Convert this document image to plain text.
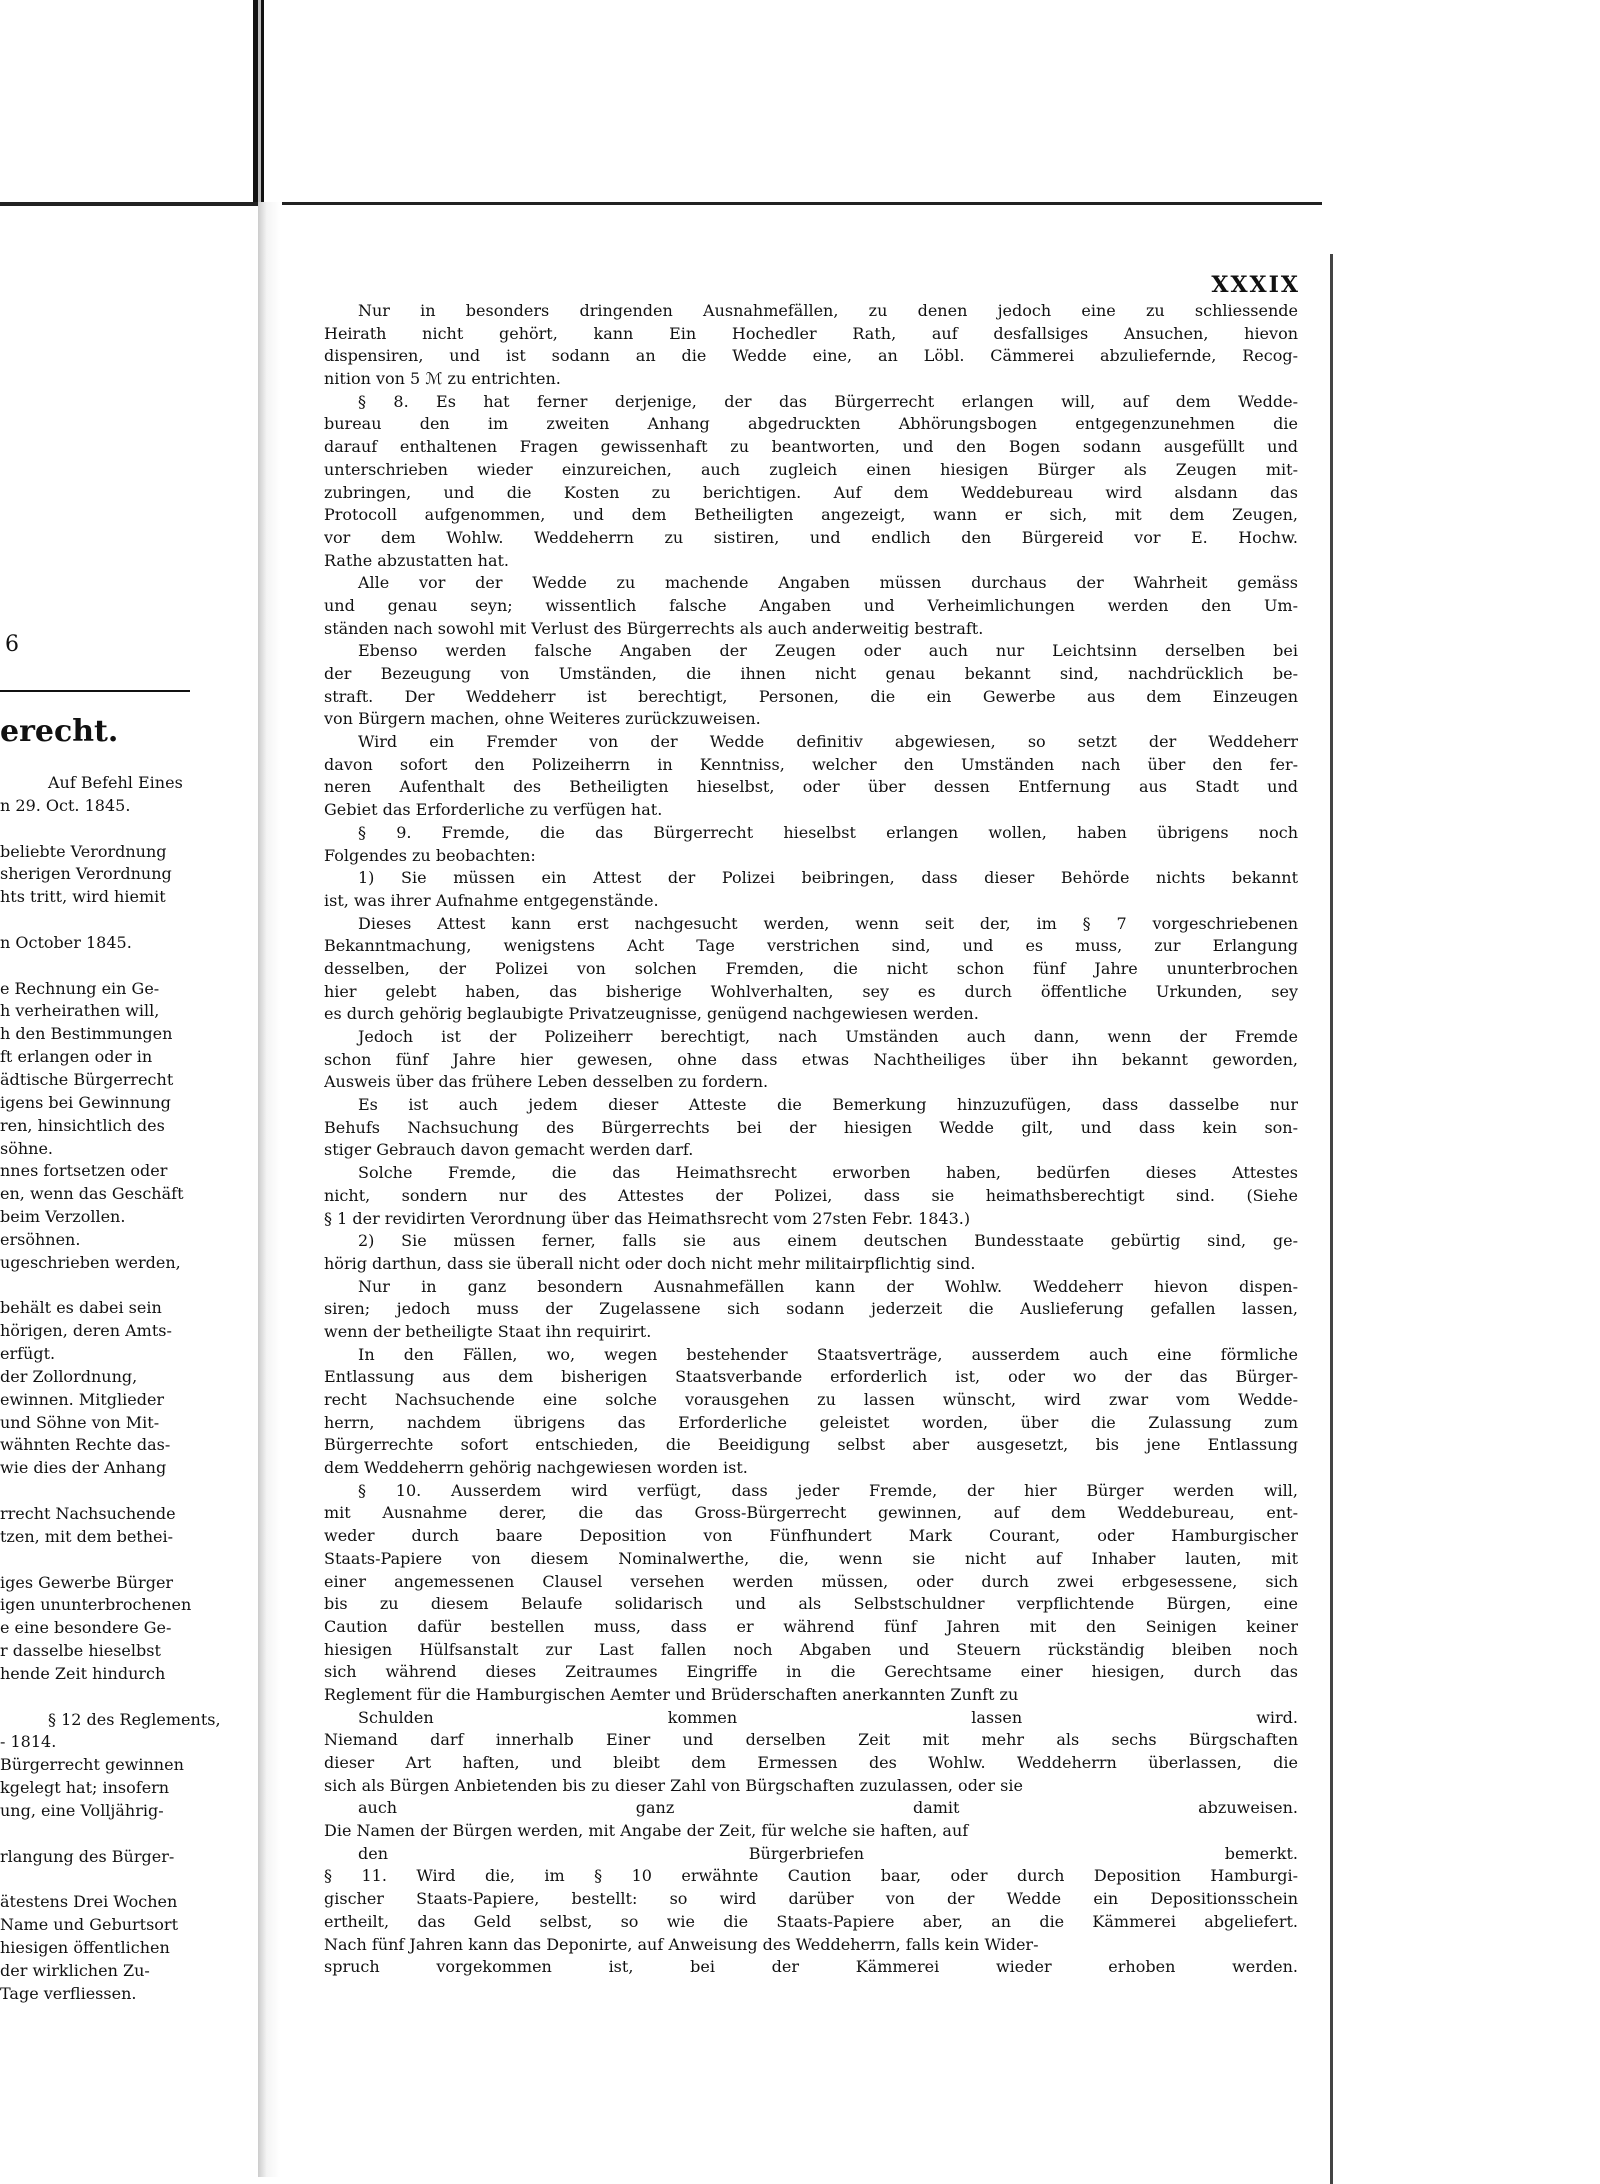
6
erecht.
Auf Befehl Eines
n 29. Oct. 1845.
beliebte Verordnung
sherigen Verordnung
hts tritt, wird hiemit
n October 1845.
e Rechnung ein Ge-
h verheirathen will,
h den Bestimmungen
ft erlangen oder in
ädtische Bürgerrecht
igens bei Gewinnung
ren, hinsichtlich des
söhne.
nnes fortsetzen oder
en, wenn das Geschäft
beim Verzollen.
ersöhnen.
ugeschrieben werden,
behält es dabei sein
hörigen, deren Amts-
erfügt.
der Zollordnung,
ewinnen. Mitglieder
und Söhne von Mit-
wähnten Rechte das-
wie dies der Anhang
rrecht Nachsuchende
tzen, mit dem bethei-
iges Gewerbe Bürger
igen ununterbrochenen
e eine besondere Ge-
r dasselbe hieselbst
hende Zeit hindurch
§ 12 des Reglements,
- 1814.
Bürgerrecht gewinnen
kgelegt hat; insofern
ung, eine Volljährig-
rlangung des Bürger-
ätestens Drei Wochen
Name und Geburtsort
hiesigen öffentlichen
der wirklichen Zu-
Tage verfliessen.
XXXIX
Nur in besonders dringenden Ausnahmefällen, zu denen jedoch eine zu schliessende
Heirath nicht gehört, kann Ein Hochedler Rath, auf desfallsiges Ansuchen, hievon
dispensiren, und ist sodann an die Wedde eine, an Löbl. Cämmerei abzuliefernde, Recog-
nition von 5 ℳ zu entrichten.
§ 8. Es hat ferner derjenige, der das Bürgerrecht erlangen will, auf dem Wedde-
bureau den im zweiten Anhang abgedruckten Abhörungsbogen entgegenzunehmen die
darauf enthaltenen Fragen gewissenhaft zu beantworten, und den Bogen sodann ausgefüllt und
unterschrieben wieder einzureichen, auch zugleich einen hiesigen Bürger als Zeugen mit-
zubringen, und die Kosten zu berichtigen. Auf dem Weddebureau wird alsdann das
Protocoll aufgenommen, und dem Betheiligten angezeigt, wann er sich, mit dem Zeugen,
vor dem Wohlw. Weddeherrn zu sistiren, und endlich den Bürgereid vor E. Hochw.
Rathe abzustatten hat.
Alle vor der Wedde zu machende Angaben müssen durchaus der Wahrheit gemäss
und genau seyn; wissentlich falsche Angaben und Verheimlichungen werden den Um-
ständen nach sowohl mit Verlust des Bürgerrechts als auch anderweitig bestraft.
Ebenso werden falsche Angaben der Zeugen oder auch nur Leichtsinn derselben bei
der Bezeugung von Umständen, die ihnen nicht genau bekannt sind, nachdrücklich be-
straft. Der Weddeherr ist berechtigt, Personen, die ein Gewerbe aus dem Einzeugen
von Bürgern machen, ohne Weiteres zurückzuweisen.
Wird ein Fremder von der Wedde definitiv abgewiesen, so setzt der Weddeherr
davon sofort den Polizeiherrn in Kenntniss, welcher den Umständen nach über den fer-
neren Aufenthalt des Betheiligten hieselbst, oder über dessen Entfernung aus Stadt und
Gebiet das Erforderliche zu verfügen hat.
§ 9. Fremde, die das Bürgerrecht hieselbst erlangen wollen, haben übrigens noch
Folgendes zu beobachten:
1) Sie müssen ein Attest der Polizei beibringen, dass dieser Behörde nichts bekannt
ist, was ihrer Aufnahme entgegenstände.
Dieses Attest kann erst nachgesucht werden, wenn seit der, im § 7 vorgeschriebenen
Bekanntmachung, wenigstens Acht Tage verstrichen sind, und es muss, zur Erlangung
desselben, der Polizei von solchen Fremden, die nicht schon fünf Jahre ununterbrochen
hier gelebt haben, das bisherige Wohlverhalten, sey es durch öffentliche Urkunden, sey
es durch gehörig beglaubigte Privatzeugnisse, genügend nachgewiesen werden.
Jedoch ist der Polizeiherr berechtigt, nach Umständen auch dann, wenn der Fremde
schon fünf Jahre hier gewesen, ohne dass etwas Nachtheiliges über ihn bekannt geworden,
Ausweis über das frühere Leben desselben zu fordern.
Es ist auch jedem dieser Atteste die Bemerkung hinzuzufügen, dass dasselbe nur
Behufs Nachsuchung des Bürgerrechts bei der hiesigen Wedde gilt, und dass kein son-
stiger Gebrauch davon gemacht werden darf.
Solche Fremde, die das Heimathsrecht erworben haben, bedürfen dieses Attestes
nicht, sondern nur des Attestes der Polizei, dass sie heimathsberechtigt sind. (Siehe
§ 1 der revidirten Verordnung über das Heimathsrecht vom 27sten Febr. 1843.)
2) Sie müssen ferner, falls sie aus einem deutschen Bundesstaate gebürtig sind, ge-
hörig darthun, dass sie überall nicht oder doch nicht mehr militairpflichtig sind.
Nur in ganz besondern Ausnahmefällen kann der Wohlw. Weddeherr hievon dispen-
siren; jedoch muss der Zugelassene sich sodann jederzeit die Auslieferung gefallen lassen,
wenn der betheiligte Staat ihn requirirt.
In den Fällen, wo, wegen bestehender Staatsverträge, ausserdem auch eine förmliche
Entlassung aus dem bisherigen Staatsverbande erforderlich ist, oder wo der das Bürger-
recht Nachsuchende eine solche vorausgehen zu lassen wünscht, wird zwar vom Wedde-
herrn, nachdem übrigens das Erforderliche geleistet worden, über die Zulassung zum
Bürgerrechte sofort entschieden, die Beeidigung selbst aber ausgesetzt, bis jene Entlassung
dem Weddeherrn gehörig nachgewiesen worden ist.
§ 10. Ausserdem wird verfügt, dass jeder Fremde, der hier Bürger werden will,
mit Ausnahme derer, die das Gross-Bürgerrecht gewinnen, auf dem Weddebureau, ent-
weder durch baare Deposition von Fünfhundert Mark Courant, oder Hamburgischer
Staats-Papiere von diesem Nominalwerthe, die, wenn sie nicht auf Inhaber lauten, mit
einer angemessenen Clausel versehen werden müssen, oder durch zwei erbgesessene, sich
bis zu diesem Belaufe solidarisch und als Selbstschuldner verpflichtende Bürgen, eine
Caution dafür bestellen muss, dass er während fünf Jahren mit den Seinigen keiner
hiesigen Hülfsanstalt zur Last fallen noch Abgaben und Steuern rückständig bleiben noch
sich während dieses Zeitraumes Eingriffe in die Gerechtsame einer hiesigen, durch das
Reglement für die Hamburgischen Aemter und Brüderschaften anerkannten Zunft zu
Schulden kommen lassen wird.
Niemand darf innerhalb Einer und derselben Zeit mit mehr als sechs Bürgschaften
dieser Art haften, und bleibt dem Ermessen des Wohlw. Weddeherrn überlassen, die
sich als Bürgen Anbietenden bis zu dieser Zahl von Bürgschaften zuzulassen, oder sie
auch ganz damit abzuweisen.
Die Namen der Bürgen werden, mit Angabe der Zeit, für welche sie haften, auf
den Bürgerbriefen bemerkt.
§ 11. Wird die, im § 10 erwähnte Caution baar, oder durch Deposition Hamburgi-
gischer Staats-Papiere, bestellt: so wird darüber von der Wedde ein Depositionsschein
ertheilt, das Geld selbst, so wie die Staats-Papiere aber, an die Kämmerei abgeliefert.
Nach fünf Jahren kann das Deponirte, auf Anweisung des Weddeherrn, falls kein Wider-
spruch vorgekommen ist, bei der Kämmerei wieder erhoben werden.
